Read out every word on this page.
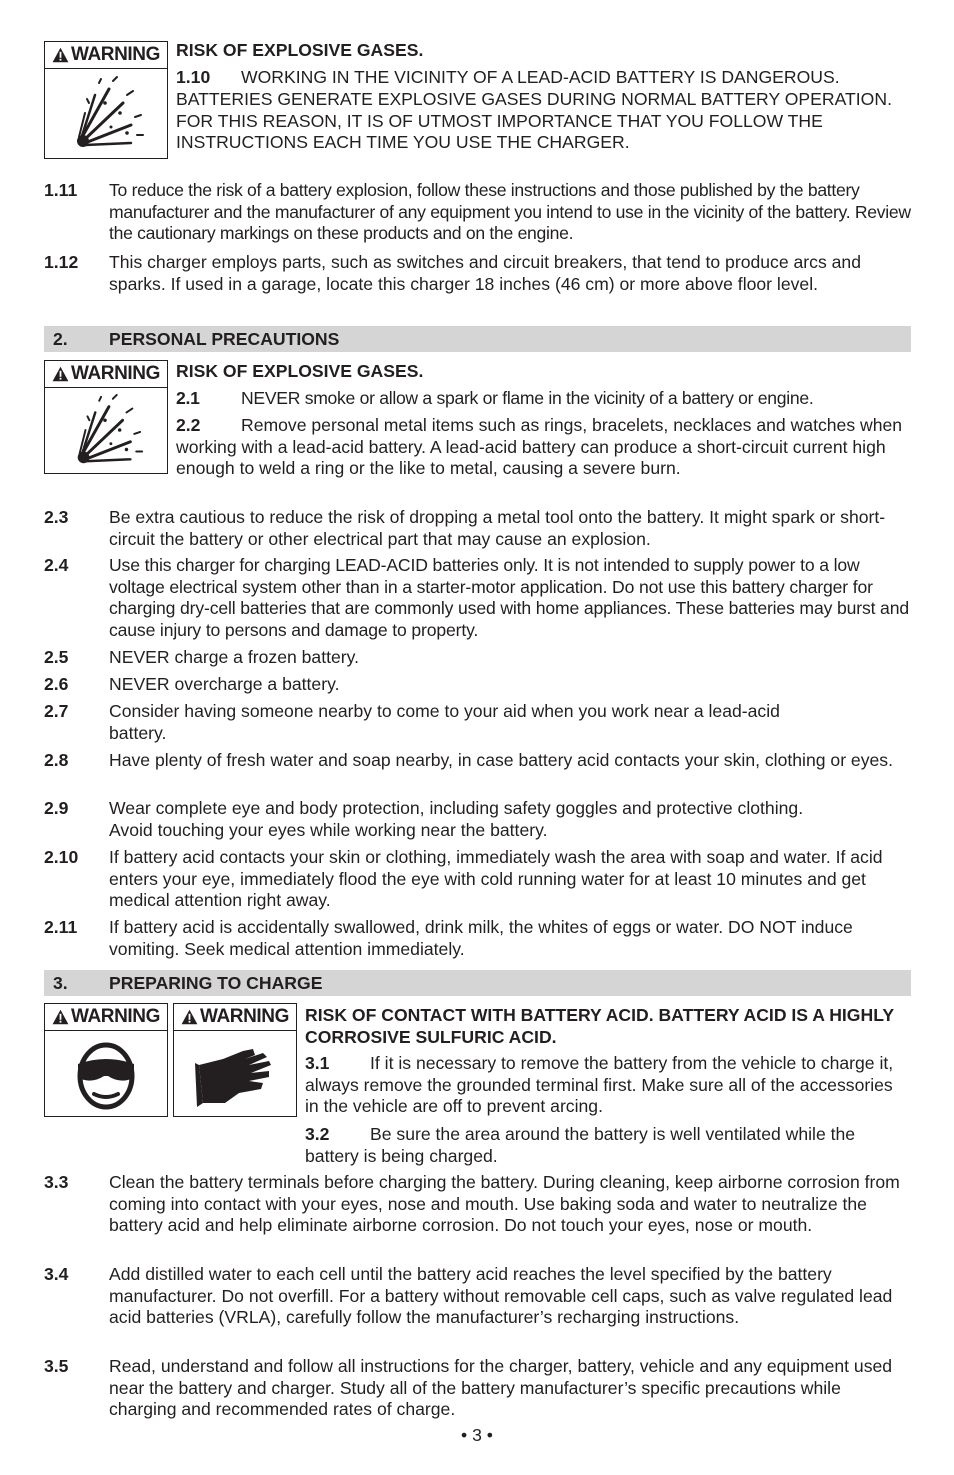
WARNING RISK OF EXPLOSIVE GASES.
1.10 WORKING IN THE VICINITY OF A LEAD-ACID BATTERY IS DANGEROUS. BATTERIES GENERATE EXPLOSIVE GASES DURING NORMAL BATTERY OPERATION. FOR THIS REASON, IT IS OF UTMOST IMPORTANCE THAT YOU FOLLOW THE INSTRUCTIONS EACH TIME YOU USE THE CHARGER.
1.11 To reduce the risk of a battery explosion, follow these instructions and those published by the battery manufacturer and the manufacturer of any equipment you intend to use in the vicinity of the battery. Review the cautionary markings on these products and on the engine.
1.12 This charger employs parts, such as switches and circuit breakers, that tend to produce arcs and sparks. If used in a garage, locate this charger 18 inches (46 cm) or more above floor level.
2. PERSONAL PRECAUTIONS
WARNING RISK OF EXPLOSIVE GASES.
2.1 NEVER smoke or allow a spark or flame in the vicinity of a battery or engine.
2.2 Remove personal metal items such as rings, bracelets, necklaces and watches when working with a lead-acid battery. A lead-acid battery can produce a short-circuit current high enough to weld a ring or the like to metal, causing a severe burn.
2.3 Be extra cautious to reduce the risk of dropping a metal tool onto the battery. It might spark or short-circuit the battery or other electrical part that may cause an explosion.
2.4 Use this charger for charging LEAD-ACID batteries only. It is not intended to supply power to a low voltage electrical system other than in a starter-motor application. Do not use this battery charger for charging dry-cell batteries that are commonly used with home appliances. These batteries may burst and cause injury to persons and damage to property.
2.5 NEVER charge a frozen battery.
2.6 NEVER overcharge a battery.
2.7 Consider having someone nearby to come to your aid when you work near a lead-acid battery.
2.8 Have plenty of fresh water and soap nearby, in case battery acid contacts your skin, clothing or eyes.
2.9 Wear complete eye and body protection, including safety goggles and protective clothing. Avoid touching your eyes while working near the battery.
2.10 If battery acid contacts your skin or clothing, immediately wash the area with soap and water. If acid enters your eye, immediately flood the eye with cold running water for at least 10 minutes and get medical attention right away.
2.11 If battery acid is accidentally swallowed, drink milk, the whites of eggs or water. DO NOT induce vomiting. Seek medical attention immediately.
3. PREPARING TO CHARGE
WARNING WARNING RISK OF CONTACT WITH BATTERY ACID. BATTERY ACID IS A HIGHLY CORROSIVE SULFURIC ACID.
3.1 If it is necessary to remove the battery from the vehicle to charge it, always remove the grounded terminal first. Make sure all of the accessories in the vehicle are off to prevent arcing.
3.2 Be sure the area around the battery is well ventilated while the battery is being charged.
3.3 Clean the battery terminals before charging the battery. During cleaning, keep airborne corrosion from coming into contact with your eyes, nose and mouth. Use baking soda and water to neutralize the battery acid and help eliminate airborne corrosion. Do not touch your eyes, nose or mouth.
3.4 Add distilled water to each cell until the battery acid reaches the level specified by the battery manufacturer. Do not overfill. For a battery without removable cell caps, such as valve regulated lead acid batteries (VRLA), carefully follow the manufacturer’s recharging instructions.
3.5 Read, understand and follow all instructions for the charger, battery, vehicle and any equipment used near the battery and charger. Study all of the battery manufacturer’s specific precautions while charging and recommended rates of charge.
• 3 •
